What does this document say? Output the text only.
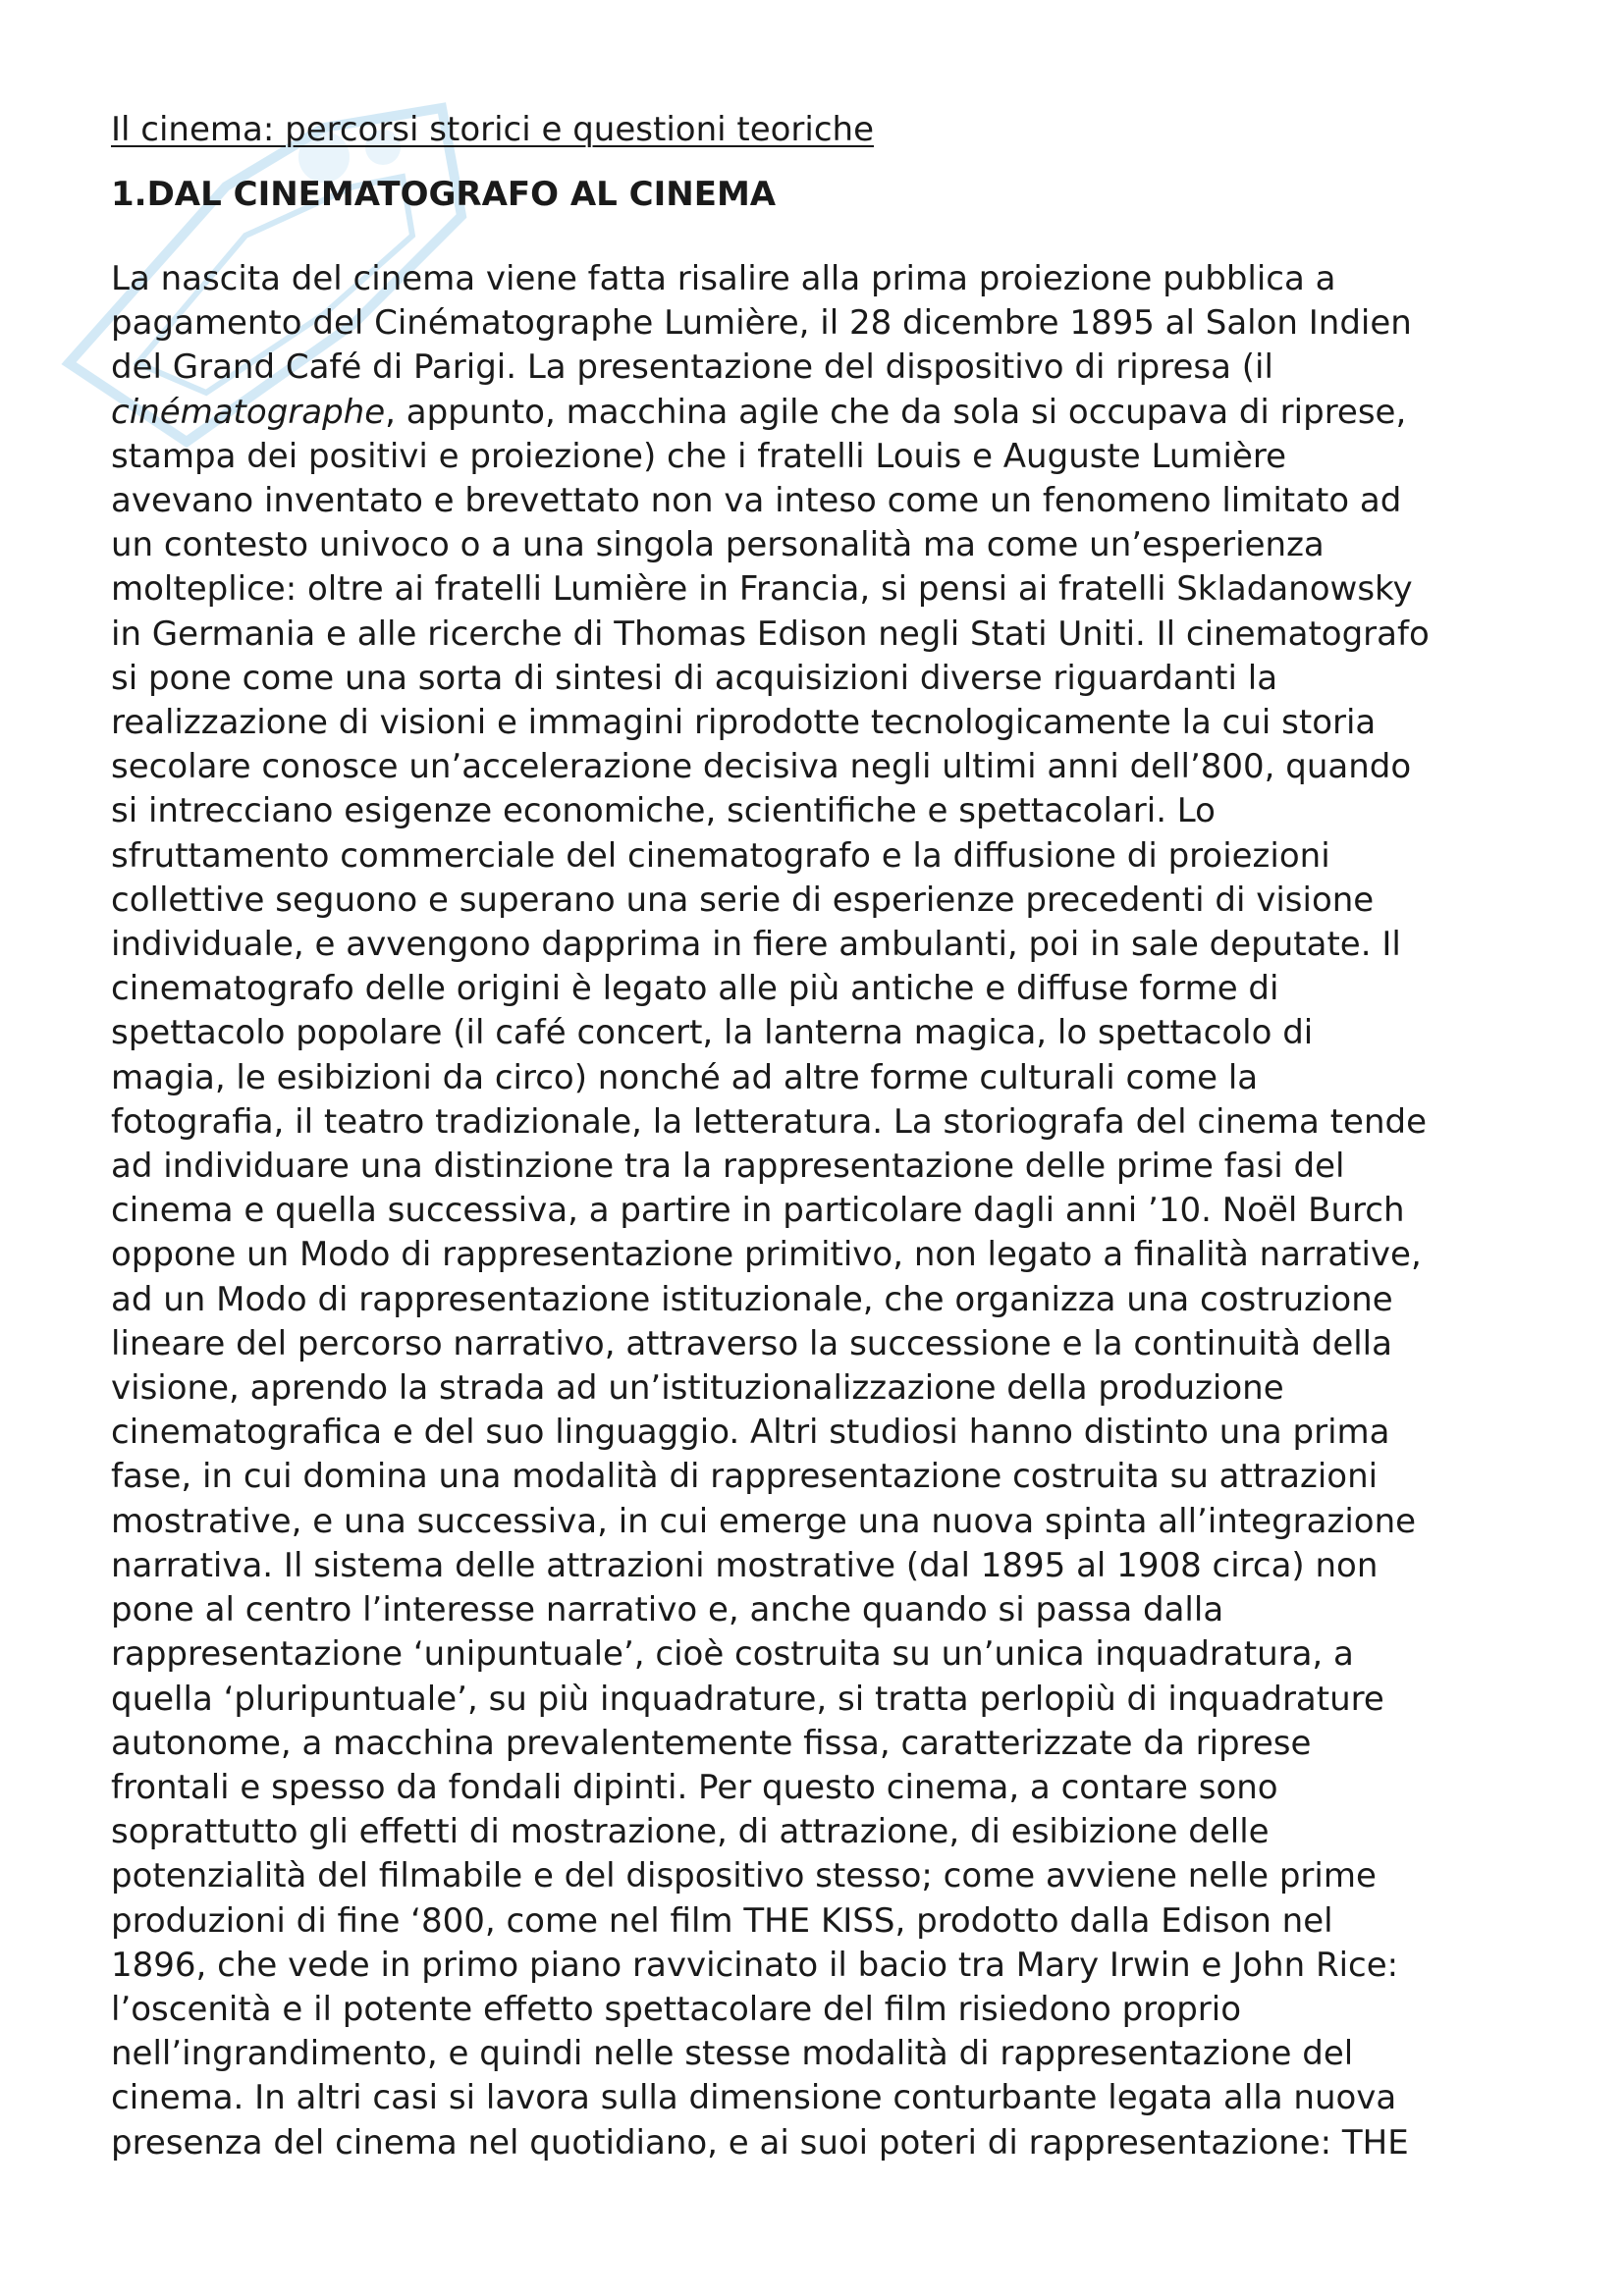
Il cinema: percorsi storici e questioni teoriche
1.DAL CINEMATOGRAFO AL CINEMA
La nascita del cinema viene fatta risalire alla prima proiezione pubblica a
pagamento del Cinématographe Lumière, il 28 dicembre 1895 al Salon Indien
del Grand Café di Parigi. La presentazione del dispositivo di ripresa (il
cinématographe, appunto, macchina agile che da sola si occupava di riprese,
stampa dei positivi e proiezione) che i fratelli Louis e Auguste Lumière
avevano inventato e brevettato non va inteso come un fenomeno limitato ad
un contesto univoco o a una singola personalità ma come un’esperienza
molteplice: oltre ai fratelli Lumière in Francia, si pensi ai fratelli Skladanowsky
in Germania e alle ricerche di Thomas Edison negli Stati Uniti. Il cinematografo
si pone come una sorta di sintesi di acquisizioni diverse riguardanti la
realizzazione di visioni e immagini riprodotte tecnologicamente la cui storia
secolare conosce un’accelerazione decisiva negli ultimi anni dell’800, quando
si intrecciano esigenze economiche, scientifiche e spettacolari. Lo
sfruttamento commerciale del cinematografo e la diffusione di proiezioni
collettive seguono e superano una serie di esperienze precedenti di visione
individuale, e avvengono dapprima in fiere ambulanti, poi in sale deputate. Il
cinematografo delle origini è legato alle più antiche e diffuse forme di
spettacolo popolare (il café concert, la lanterna magica, lo spettacolo di
magia, le esibizioni da circo) nonché ad altre forme culturali come la
fotografia, il teatro tradizionale, la letteratura. La storiografa del cinema tende
ad individuare una distinzione tra la rappresentazione delle prime fasi del
cinema e quella successiva, a partire in particolare dagli anni ’10. Noël Burch
oppone un Modo di rappresentazione primitivo, non legato a finalità narrative,
ad un Modo di rappresentazione istituzionale, che organizza una costruzione
lineare del percorso narrativo, attraverso la successione e la continuità della
visione, aprendo la strada ad un’istituzionalizzazione della produzione
cinematografica e del suo linguaggio. Altri studiosi hanno distinto una prima
fase, in cui domina una modalità di rappresentazione costruita su attrazioni
mostrative, e una successiva, in cui emerge una nuova spinta all’integrazione
narrativa. Il sistema delle attrazioni mostrative (dal 1895 al 1908 circa) non
pone al centro l’interesse narrativo e, anche quando si passa dalla
rappresentazione ‘unipuntuale’, cioè costruita su un’unica inquadratura, a
quella ‘pluripuntuale’, su più inquadrature, si tratta perlopiù di inquadrature
autonome, a macchina prevalentemente fissa, caratterizzate da riprese
frontali e spesso da fondali dipinti. Per questo cinema, a contare sono
soprattutto gli effetti di mostrazione, di attrazione, di esibizione delle
potenzialità del filmabile e del dispositivo stesso; come avviene nelle prime
produzioni di fine ‘800, come nel film THE KISS, prodotto dalla Edison nel
1896, che vede in primo piano ravvicinato il bacio tra Mary Irwin e John Rice:
l’oscenità e il potente effetto spettacolare del film risiedono proprio
nell’ingrandimento, e quindi nelle stesse modalità di rappresentazione del
cinema. In altri casi si lavora sulla dimensione conturbante legata alla nuova
presenza del cinema nel quotidiano, e ai suoi poteri di rappresentazione: THE
